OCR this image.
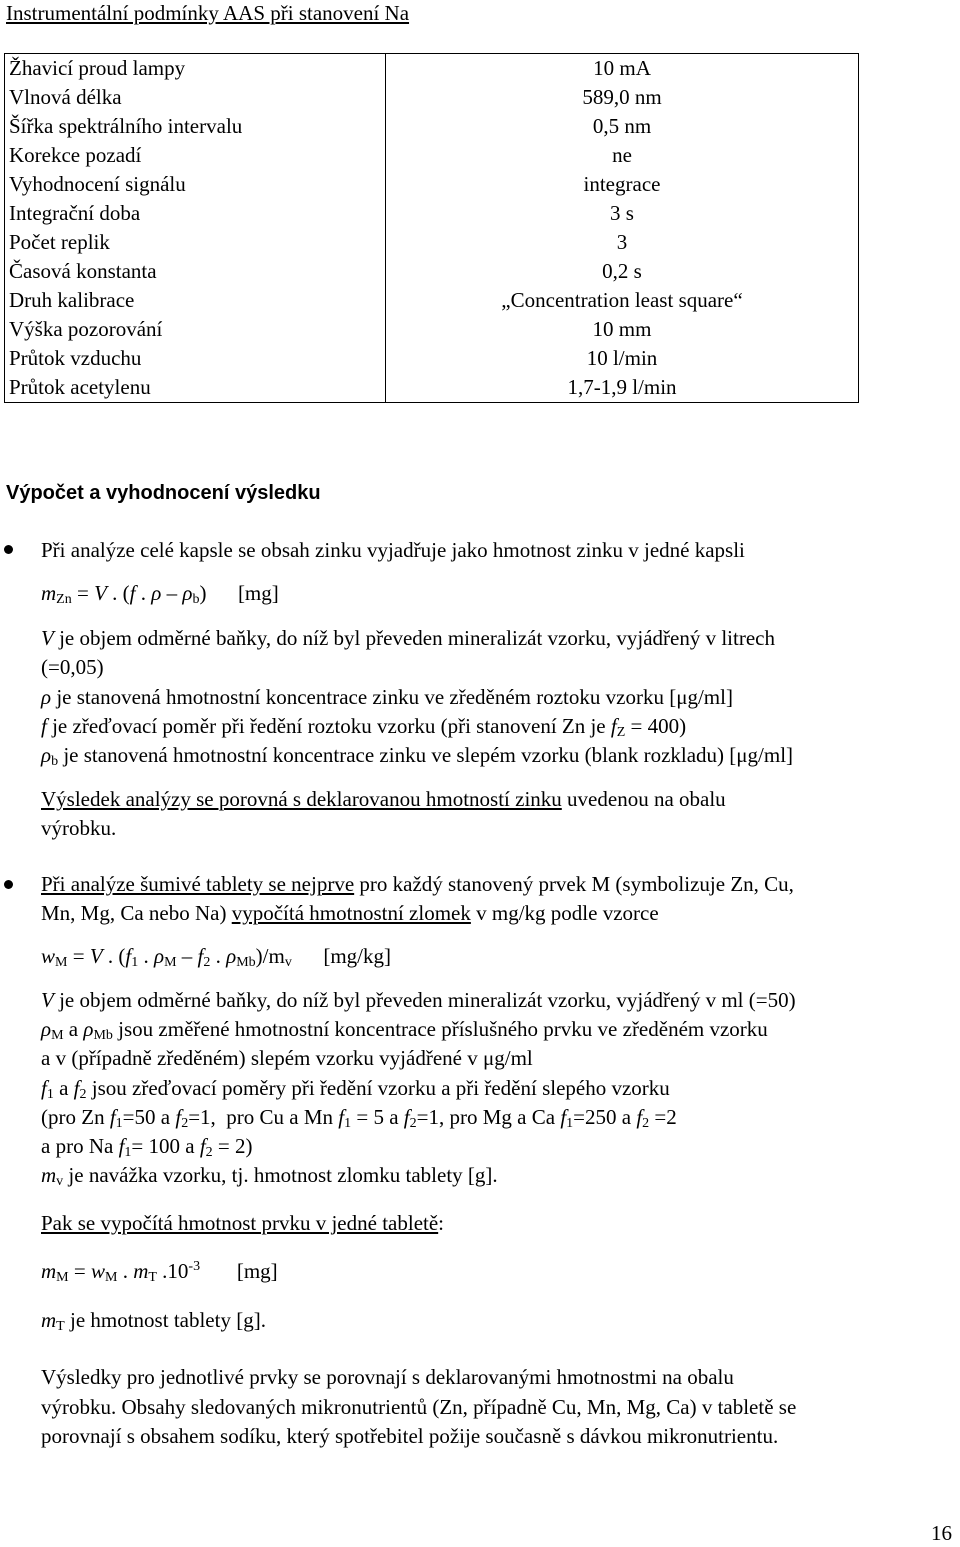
Instrumentální podmínky AAS při stanovení Na
Žhavicí proud lampy	10 mA
Vlnová délka	589,0 nm
Šířka spektrálního intervalu	0,5 nm
Korekce pozadí	ne
Vyhodnocení signálu	integrace
Integrační doba	3 s
Počet replik	3
Časová konstanta	0,2 s
Druh kalibrace	„Concentration least square“
Výška pozorování	10 mm
Průtok vzduchu	10 l/min
Průtok acetylenu	1,7-1,9 l/min
Výpočet a vyhodnocení výsledku
Při analýze celé kapsle se obsah zinku vyjadřuje jako hmotnost zinku v jedné kapsli
$m_{Zn} = V$ . (f . ρ – $\rho_b$)      [mg]
V je objem odměrné baňky, do níž byl převeden mineralizát vzorku, vyjádřený v litrech
(=0,05)
ρ je stanovená hmotnostní koncentrace zinku ve zředěném roztoku vzorku [μg/ml]
f je zřeďovací poměr při ředění roztoku vzorku (při stanovení Zn je $f_Z = 400$)
$\rho_b$ je stanovená hmotnostní koncentrace zinku ve slepém vzorku (blank rozkladu) [μg/ml]
Výsledek analýzy se porovná s deklarovanou hmotností zinku uvedenou na obalu
výrobku.
Při analýze šumivé tablety se nejprve pro každý stanovený prvek M (symbolizuje Zn, Cu,
Mn, Mg, Ca nebo Na) vypočítá hmotnostní zlomek v mg/kg podle vzorce
$w_M = V$ . ($f_1$ . $\rho_M - f_2$ . $\rho_{Mb})/m_v$ [mg/kg]
V je objem odměrné baňky, do níž byl převeden mineralizát vzorku, vyjádřený v ml (=50)
$\rho_M$ a $\rho_{Mb}$ jsou změřené hmotnostní koncentrace příslušného prvku ve zředěném vzorku
a v (případně zředěném) slepém vzorku vyjádřené v μg/ml
$f_1$ a $f_2$ jsou zřeďovací poměry při ředění vzorku a při ředění slepého vzorku
(pro Zn $f_1=50$ a $f_2=1$,  pro Cu a Mn $f_1 = 5$ a $f_2=1$, pro Mg a Ca $f_1=250$ a $f_2 =2$
a pro Na $f_1= 100$ a $f_2 = 2$)
$m_v$ je navážka vzorku, tj. hmotnost zlomku tablety [g].
Pak se vypočítá hmotnost prvku v jedné tabletě:
$m_M = w_M$ . $m_T$ $.10^{-3}$ [mg]
$m_T$ je hmotnost tablety [g].
Výsledky pro jednotlivé prvky se porovnají s deklarovanými hmotnostmi na obalu
výrobku. Obsahy sledovaných mikronutrientů (Zn, případně Cu, Mn, Mg, Ca) v tabletě se
porovnají s obsahem sodíku, který spotřebitel požije současně s dávkou mikronutrientu.
16
